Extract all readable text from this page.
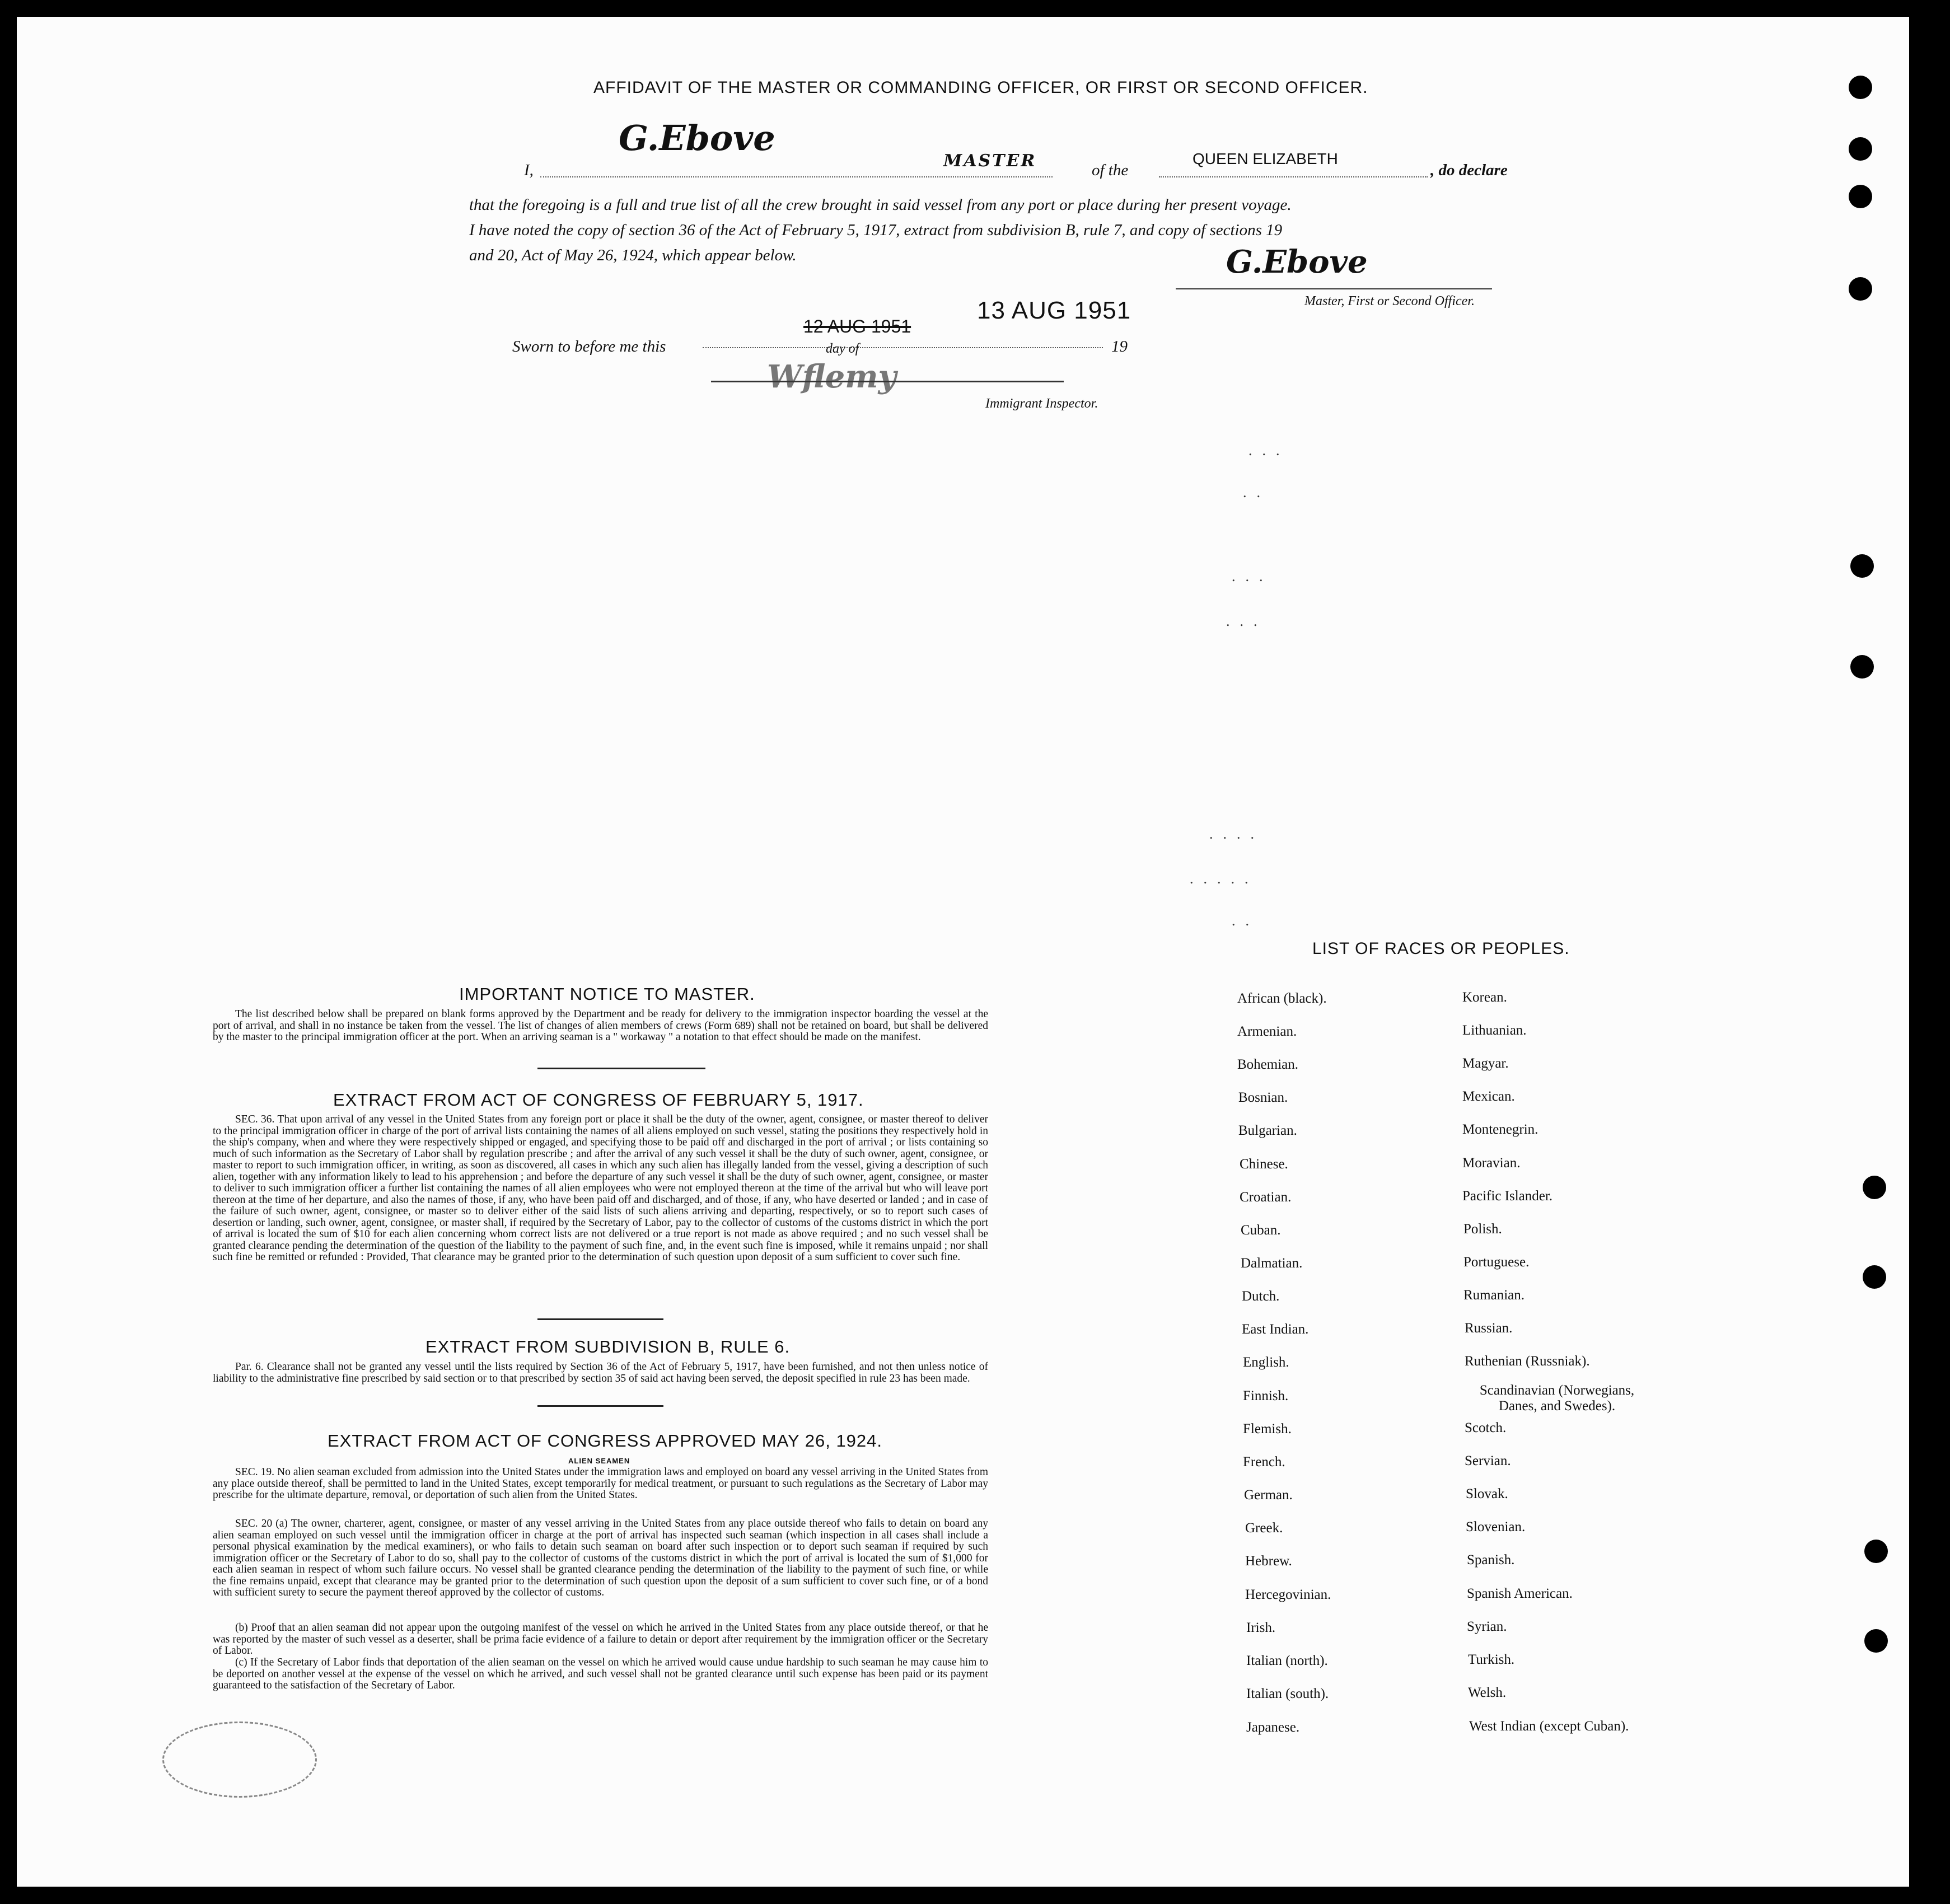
AFFIDAVIT OF THE MASTER OR COMMANDING OFFICER, OR FIRST OR SECOND OFFICER.
I,
G.Ebove
MASTER	of the
QUEEN ELIZABETH
, do declare
that the foregoing is a full and true list of all the crew brought in said vessel from any port or place during her present voyage.
I have noted the copy of section 36 of the Act of February 5, 1917, extract from subdivision B, rule 7, and copy of sections 19
and 20, Act of May 26, 1924, which appear below.	G.Ebove
Master, First or Second Officer.
Sworn to before me this
12 AUG 1951
13 AUG 1951
day of	19
Wflemy
Immigrant Inspector.
...
..
...
...
....
.....
..
IMPORTANT NOTICE TO MASTER.
The list described below shall be prepared on blank forms approved by the Department and be ready for delivery to the immigration inspector boarding the vessel at the port of arrival, and shall in no instance be taken from the vessel. The list of changes of alien members of crews (Form 689) shall not be retained on board, but shall be delivered by the master to the principal immigration officer at the port. When an arriving seaman is a " workaway " a notation to that effect should be made on the manifest.
EXTRACT FROM ACT OF CONGRESS OF FEBRUARY 5, 1917.
SEC. 36. That upon arrival of any vessel in the United States from any foreign port or place it shall be the duty of the owner, agent, consignee, or master thereof to deliver to the principal immigration officer in charge of the port of arrival lists containing the names of all aliens employed on such vessel, stating the positions they respectively hold in the ship's company, when and where they were respectively shipped or engaged, and specifying those to be paid off and discharged in the port of arrival ; or lists containing so much of such information as the Secretary of Labor shall by regulation prescribe ; and after the arrival of any such vessel it shall be the duty of such owner, agent, consignee, or master to report to such immigration officer, in writing, as soon as discovered, all cases in which any such alien has illegally landed from the vessel, giving a description of such alien, together with any information likely to lead to his apprehension ; and before the departure of any such vessel it shall be the duty of such owner, agent, consignee, or master to deliver to such immigration officer a further list containing the names of all alien employees who were not employed thereon at the time of the arrival but who will leave port thereon at the time of her departure, and also the names of those, if any, who have been paid off and discharged, and of those, if any, who have deserted or landed ; and in case of the failure of such owner, agent, consignee, or master so to deliver either of the said lists of such aliens arriving and departing, respectively, or so to report such cases of desertion or landing, such owner, agent, consignee, or master shall, if required by the Secretary of Labor, pay to the collector of customs of the customs district in which the port of arrival is located the sum of $10 for each alien concerning whom correct lists are not delivered or a true report is not made as above required ; and no such vessel shall be granted clearance pending the determination of the question of the liability to the payment of such fine, and, in the event such fine is imposed, while it remains unpaid ; nor shall such fine be remitted or refunded : Provided, That clearance may be granted prior to the determination of such question upon deposit of a sum sufficient to cover such fine.
EXTRACT FROM SUBDIVISION B, RULE 6.
Par. 6. Clearance shall not be granted any vessel until the lists required by Section 36 of the Act of February 5, 1917, have been furnished, and not then unless notice of liability to the administrative fine prescribed by said section or to that prescribed by section 35 of said act having been served, the deposit specified in rule 23 has been made.
EXTRACT FROM ACT OF CONGRESS APPROVED MAY 26, 1924.
ALIEN SEAMEN
SEC. 19. No alien seaman excluded from admission into the United States under the immigration laws and employed on board any vessel arriving in the United States from any place outside thereof, shall be permitted to land in the United States, except temporarily for medical treatment, or pursuant to such regulations as the Secretary of Labor may prescribe for the ultimate departure, removal, or deportation of such alien from the United States.
SEC. 20 (a) The owner, charterer, agent, consignee, or master of any vessel arriving in the United States from any place outside thereof who fails to detain on board any alien seaman employed on such vessel until the immigration officer in charge at the port of arrival has inspected such seaman (which inspection in all cases shall include a personal physical examination by the medical examiners), or who fails to detain such seaman on board after such inspection or to deport such seaman if required by such immigration officer or the Secretary of Labor to do so, shall pay to the collector of customs of the customs district in which the port of arrival is located the sum of $1,000 for each alien seaman in respect of whom such failure occurs. No vessel shall be granted clearance pending the determination of the liability to the payment of such fine, or while the fine remains unpaid, except that clearance may be granted prior to the determination of such question upon the deposit of a sum sufficient to cover such fine, or of a bond with sufficient surety to secure the payment thereof approved by the collector of customs.
(b) Proof that an alien seaman did not appear upon the outgoing manifest of the vessel on which he arrived in the United States from any place outside thereof, or that he was reported by the master of such vessel as a deserter, shall be prima facie evidence of a failure to detain or deport after requirement by the immigration officer or the Secretary of Labor.
(c) If the Secretary of Labor finds that deportation of the alien seaman on the vessel on which he arrived would cause undue hardship to such seaman he may cause him to be deported on another vessel at the expense of the vessel on which he arrived, and such vessel shall not be granted clearance until such expense has been paid or its payment guaranteed to the satisfaction of the Secretary of Labor.
LIST OF RACES OR PEOPLES.
African (black).
Armenian.
Bohemian.
Bosnian.
Bulgarian.
Chinese.
Croatian.
Cuban.
Dalmatian.
Dutch.
East Indian.
English.
Finnish.
Flemish.
French.
German.
Greek.
Hebrew.
Hercegovinian.
Irish.
Italian (north).
Italian (south).
Japanese.
Korean.
Lithuanian.
Magyar.
Mexican.
Montenegrin.
Moravian.
Pacific Islander.
Polish.
Portuguese.
Rumanian.
Russian.
Ruthenian (Russniak).
Scandinavian (Norwegians, Danes, and Swedes).
Scotch.
Servian.
Slovak.
Slovenian.
Spanish.
Spanish American.
Syrian.
Turkish.
Welsh.
West Indian (except Cuban).
